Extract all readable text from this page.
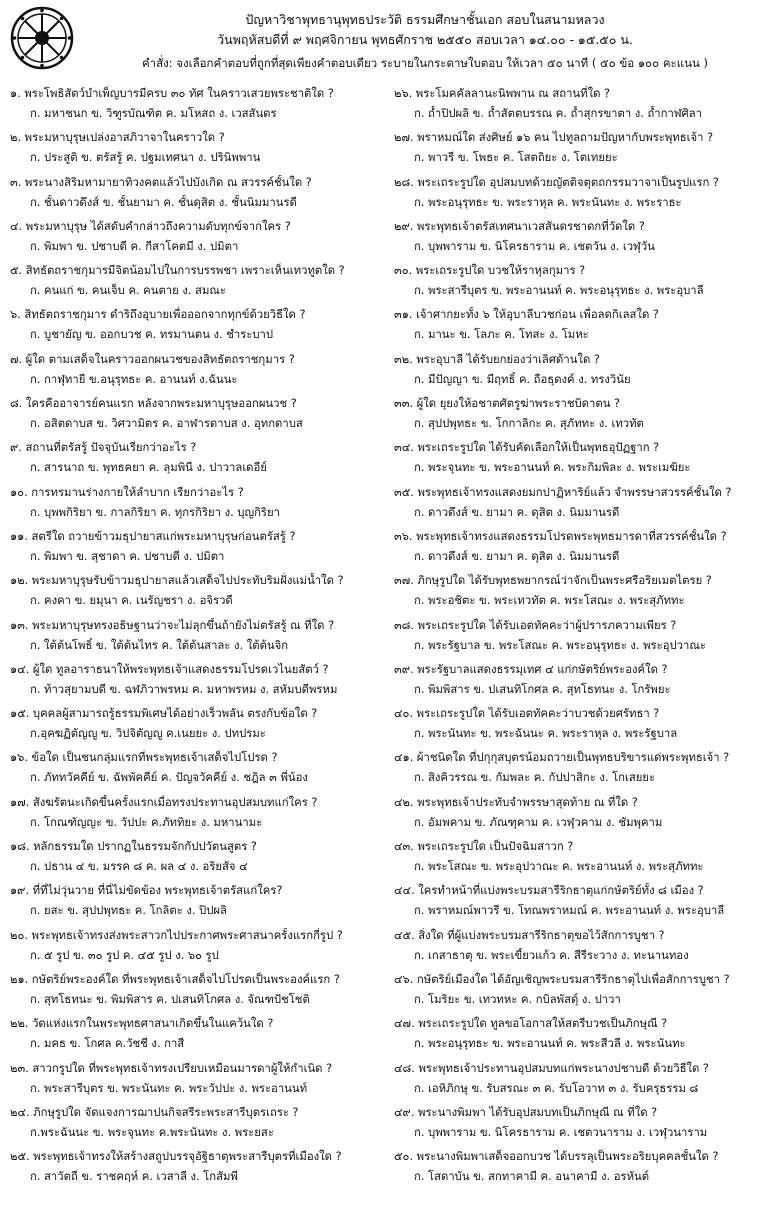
ปัญหาวิชาพุทธานุพุทธประวัติ ธรรมศึกษาชั้นเอก สอบในสนามหลวง
วันพฤหัสบดีที่ ๙ พฤศจิกายน พุทธศักราช ๒๕๕๐ สอบเวลา ๑๔.๐๐ - ๑๕.๕๐ น.
คำสั่ง: จงเลือกคำตอบที่ถูกที่สุดเพียงคำตอบเดียว ระบายในกระดาษใบตอบ ให้เวลา ๕๐ นาที ( ๕๐ ข้อ ๑๐๐ คะแนน )
๑. พระโพธิสัตว์บำเพ็ญบารมีครบ ๓๐ ทัศ ในคราวเสวยพระชาติใด ?
ก. มหาชนก ข. วิฑูรบัณฑิต ค. มโหสถ ง. เวสสันดร
๒. พระมหาบุรุษเปล่งอาสภิวาจาในคราวใด ?
ก. ประสูติ ข. ตรัสรู้ ค. ปฐมเทศนา ง. ปรินิพพาน
๓. พระนางสิริมหามายาทิวงคตแล้วไปบังเกิด ณ สวรรค์ชั้นใด ?
ก. ชั้นดาวดึงส์ ข. ชั้นยามา ค. ชั้นดุสิต ง. ชั้นนิมมานรดี
๔. พระมหาบุรุษ ได้สดับคำกล่าวถึงความดับทุกข์จากใคร ?
ก. พิมพา ข. ปชาบดี ค. กีสาโคตมี ง. ปมิตา
๕. สิทธัตถราชกุมารมีจิตน้อมไปในการบรรพชา เพราะเห็นเทวทูตใด ?
ก. คนแก่ ข. คนเจ็บ ค. คนตาย ง. สมณะ
๖. สิทธัตถราชกุมาร ดำริถึงอุบายเพื่อออกจากทุกข์ด้วยวิธีใด ?
ก. บูชายัญ ข. ออกบวช ค. ทรมานตน ง. ชำระบาป
๗. ผู้ใด ตามเสด็จในคราวออกผนวชของสิทธัตถราชกุมาร ?
ก. กาฬุทายี ข.อนุรุทธะ ค. อานนท์ ง.ฉันนะ
๘. ใครคืออาจารย์คนแรก หลังจากพระมหาบุรุษออกผนวช ?
ก. อสิตดาบส ข. วิศวามิตร ค. อาฬารดาบส ง. อุทกดาบส
๙. สถานที่ตรัสรู้ ปัจจุบันเรียกว่าอะไร ?
ก. สารนาถ ข. พุทธคยา ค. ลุมพินี ง. ปาวาลเดอีย์
๑๐. การทรมานร่างกายให้ลำบาก เรียกว่าอะไร ?
ก. บุพพกิริยา ข. กาลกิริยา ค. ทุกรกิริยา ง. บุญกิริยา
๑๑. สตรีใด ถวายข้าวมธุปายาสแก่พระมหาบุรุษก่อนตรัสรู้ ?
ก. พิมพา ข. สุชาดา ค. ปชาบดี ง. ปมิตา
๑๒. พระมหาบุรุษรับข้าวมธุปายาสแล้วเสด็จไปประทับริมฝั่งแม่น้ำใด ?
ก. คงคา ข. ยมุนา ค. เนรัญชรา ง. อจิรวดี
๑๓. พระมหาบุรุษทรงอธิษฐานว่าจะไม่ลุกขึ้นถ้ายังไม่ตรัสรู้ ณ ที่ใด ?
ก. ใต้ต้นโพธิ์ ข. ใต้ต้นไทร ค. ใต้ต้นสาละ ง. ใต้ต้นจิก
๑๔. ผู้ใด ทูลอาราธนาให้พระพุทธเจ้าแสดงธรรมโปรดเวไนยสัตว์ ?
ก. ท้าวสุยามบดี ข. ฉฬภิวาพรหม ค. มหาพรหม ง. สหัมบดีพรหม
๑๕. บุคคลผู้สามารถรู้ธรรมพิเศษได้อย่างเร็วพลัน ตรงกับข้อใด ?
ก.อุคฆฏิตัญญู ข. วิปจิตัญญู ค.เนยยะ ง. ปทปรมะ
๑๖. ข้อใด เป็นชนกลุ่มแรกที่พระพุทธเจ้าเสด็จไปโปรด ?
ก. ภัททวัคคีย์ ข. ฉัพพัคคีย์ ค. ปัญจวัคคีย์ ง. ชฎิล ๓ พี่น้อง
๑๗. สังฆรัตนะเกิดขึ้นครั้งแรกเมื่อทรงประทานอุปสมบทแก่ใคร ?
ก. โกณฑัญญะ ข. วัปปะ ค.ภัททิยะ ง. มหานามะ
๑๘. หลักธรรมใด ปรากฏในธรรมจักกัปปวัตนสูตร ?
ก. ปธาน ๔ ข. มรรค ๘ ค. ผล ๔ ง. อริยสัจ ๔
๑๙. ที่ที่ไม่วุ่นวาย ที่นี่ไม่ขัดข้อง พระพุทธเจ้าตรัสแก่ใคร?
ก. ยสะ ข. สุปปพุทธะ ค. โกลิตะ ง. ปิปผลิ
๒๐. พระพุทธเจ้าทรงส่งพระสาวกไปประกาศพระศาสนาครั้งแรกกี่รูป ?
ก. ๕ รูป ข. ๓๐ รูป ค. ๔๕ รูป ง. ๖๐ รูป
๒๑. กษัตริย์พระองค์ใด ที่พระพุทธเจ้าเสด็จไปโปรดเป็นพระองค์แรก ?
ก. สุทโธทนะ ข. พิมพิสาร ค. ปเสนทิโกศล ง. จัณฑปัชโชติ
๒๒. วัดแห่งแรกในพระพุทธศาสนาเกิดขึ้นในแคว้นใด ?
ก. มคธ ข. โกศล ค.วัชชี ง. กาสี
๒๓. สาวกรูปใด ที่พระพุทธเจ้าทรงเปรียบเหมือนมารดาผู้ให้กำเนิด ?
ก. พระสารีบุตร ข. พระนันทะ ค. พระวัปปะ ง. พระอานนท์
๒๔. ภิกษุรูปใด จัดแจงการฌาปนกิจสรีระพระสารีบุตรเถระ ?
ก.พระฉันนะ ข. พระจุนทะ ค.พระนันทะ ง. พระยสะ
๒๕. พระพุทธเจ้าทรงให้สร้างสถูปบรรจุอัฐิธาตุพระสารีบุตรที่เมืองใด ?
ก. สาวัตถี ข. ราชคฤห์ ค. เวสาลี ง. โกสัมพี
๒๖. พระโมคคัลลานะนิพพาน ณ สถานที่ใด ?
ก. ถ้ำปิปผลิ ข. ถ้ำสัตตบรรณ ค. ถ้ำสุกรขาตา ง. ถ้ำกาฬศิลา
๒๗. พราหมณ์ใด ส่งศิษย์ ๑๖ คน ไปทูลถามปัญหากับพระพุทธเจ้า ?
ก. พาวรี ข. โพธะ ค. โสตถิยะ ง. โตเทยยะ
๒๘. พระเถระรูปใด อุปสมบทด้วยญัตติจตุตถกรรมวาจาเป็นรูปแรก ?
ก. พระอนุรุทธะ ข. พระราหุล ค. พระนันทะ ง. พระราธะ
๒๙. พระพุทธเจ้าตรัสเทศนาเวสสันดรชาดกที่วัดใด ?
ก. บุพพาราม ข. นิโครธาราม ค. เชตวัน ง. เวฬุวัน
๓๐. พระเถระรูปใด บวชให้ราหุลกุมาร ?
ก. พระสารีบุตร ข. พระอานนท์ ค. พระอนุรุทธะ ง. พระอุบาลี
๓๑. เจ้าศากยะทั้ง ๖ ให้อุบาลีบวชก่อน เพื่อลดกิเลสใด ?
ก. มานะ ข. โลภะ ค. โทสะ ง. โมหะ
๓๒. พระอุบาลี ได้รับยกย่องว่าเลิศด้านใด ?
ก. มีปัญญา ข. มีฤทธิ์ ค. ถือธุดงค์ ง. ทรงวินัย
๓๓. ผู้ใด ยุยงให้อชาตศัตรูฆ่าพระราชบิดาตน ?
ก. สุปปพุทธะ ข. โกกาลิกะ ค. สุภัททะ ง. เทวทัต
๓๔. พระเถระรูปใด ได้รับคัดเลือกให้เป็นพุทธอุปัฏฐาก ?
ก. พระจุนทะ ข. พระอานนท์ ค. พระกิมพิละ ง. พระเมฆิยะ
๓๕. พระพุทธเจ้าทรงแสดงยมกปาฏิหาริย์แล้ว จำพรรษาสวรรค์ชั้นใด ?
ก. ดาวดึงส์ ข. ยามา ค. ดุสิต ง. นิมมานรดี
๓๖. พระพุทธเจ้าทรงแสดงธรรมโปรดพระพุทธมารดาที่สวรรค์ชั้นใด ?
ก. ดาวดึงส์ ข. ยามา ค. ดุสิต ง. นิมมานรดี
๓๗. ภิกษุรูปใด ได้รับพุทธพยากรณ์ว่าจักเป็นพระศรีอริยเมตไตรย ?
ก. พระอชิตะ ข. พระเทวทัต ค. พระโสณะ ง. พระสุภัททะ
๓๘. พระเถระรูปใด ได้รับเอตทัคคะว่าผู้ปรารภความเพียร ?
ก. พระรัฐบาล ข. พระโสณะ ค. พระอนุรุทธะ ง. พระอุปวาณะ
๓๙. พระรัฐบาลแสดงธรรมุเทศ ๔ แก่กษัตริย์พระองค์ใด ?
ก. พิมพิสาร ข. ปเสนทิโกศล ค. สุทโธทนะ ง. โกรัพยะ
๔๐. พระเถระรูปใด ได้รับเอตทัคคะว่าบวชด้วยศรัทธา ?
ก. พระนันทะ ข. พระฉันนะ ค. พระราหุล ง. พระรัฐบาล
๔๑. ผ้าชนิดใด ที่ปกุกุสบุตรน้อมถวายเป็นพุทธบริขารแด่พระพุทธเจ้า ?
ก. สิงคิวรรณ ข. กัมพละ ค. กัปปาสิกะ ง. โกเสยยะ
๔๒. พระพุทธเจ้าประทับจำพรรษาสุดท้าย ณ ที่ใด ?
ก. อัมพคาม ข. ภัณฑุคาม ค. เวฬุวคาม ง. ชัมพุคาม
๔๓. พระเถระรูปใด เป็นปัจฉิมสาวก ?
ก. พระโสณะ ข. พระอุปวาณะ ค. พระอานนท์ ง. พระสุภัททะ
๔๔. ใครทำหน้าที่แบ่งพระบรมสารีริกธาตุแก่กษัตริย์ทั้ง ๘ เมือง ?
ก. พราหมณ์พาวรี ข. โทณพราหมณ์ ค. พระอานนท์ ง. พระอุบาลี
๔๕. สิ่งใด ที่ผู้แบ่งพระบรมสารีริกธาตุขอไว้สักการบูชา ?
ก. เกสาธาตุ ข. พระเขี้ยวแก้ว ค. สีรีระวาง ง. ทะนานทอง
๔๖. กษัตริย์เมืองใด ได้อัญเชิญพระบรมสารีริกธาตุไปเพื่อสักการบูชา ?
ก. โมริยะ ข. เทวทหะ ค. กบิลพัสดุ์ ง. ปาวา
๔๗. พระเถระรูปใด ทูลขอโอกาสให้สตรีบวชเป็นภิกษุณี ?
ก. พระอนุรุทธะ ข. พระอานนท์ ค. พระสีวลี ง. พระนันทะ
๔๘. พระพุทธเจ้าประทานอุปสมบทแก่พระนางปชาบดี ด้วยวิธีใด ?
ก. เอหิภิกษุ ข. รับสรณะ ๓ ค. รับโอวาท ๓ ง. รับครุธรรม ๘
๔๙. พระนางพิมพา ได้รับอุปสมบทเป็นภิกษุณี ณ ที่ใด ?
ก. บุพพาราม ข. นิโครธาราม ค. เชตวนาราม ง. เวฬุวนาราม
๕๐. พระนางพิมพาเสด็จออกบวช ได้บรรลุเป็นพระอริยบุคคลชั้นใด ?
ก. โสดาบัน ข. สกทาคามี ค. อนาคามี ง. อรหันต์
